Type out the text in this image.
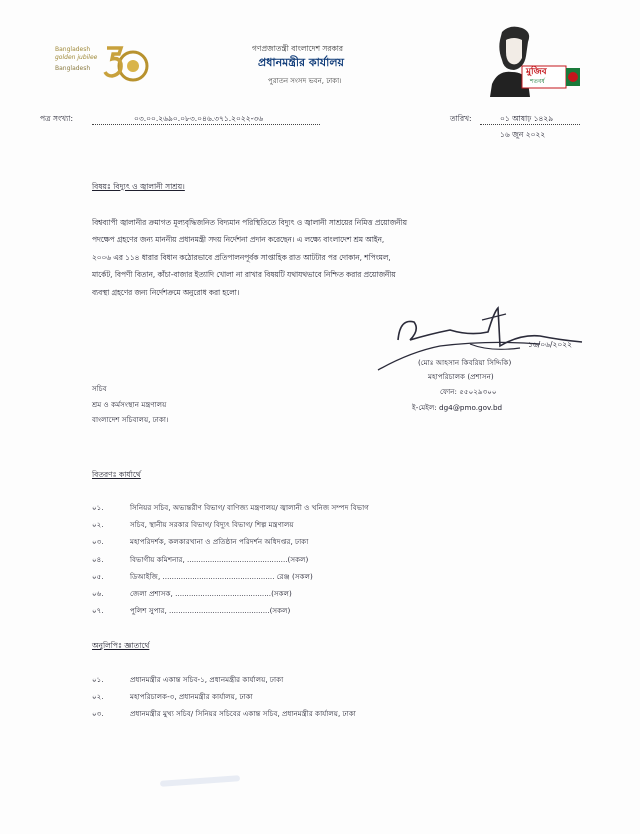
Bangladesh
golden jubilee
Bangladesh
গণপ্রজাতন্ত্রী বাংলাদেশ সরকার
প্রধানমন্ত্রীর কার্যালয়
পুরাতন সংসদ ভবন, ঢাকা।
মুজিব
শতবর্ষ
পত্র সংখ্যা:	০৩.০০.২৬৯০.০৮৩.০৪৬.৩৭১.২০২২-৩৬	তারিখ:	০১ আষাঢ় ১৪২৯
১৬ জুন ২০২২
বিষয়ঃ বিদ্যুৎ ও জ্বালানী সাশ্রয়।
বিশ্বব্যাপী জ্বালানীর ক্রমাগত মূল্যবৃদ্ধিজনিত বিদ্যমান পরিস্থিতিতে বিদ্যুৎ ও জ্বালানী সাশ্রয়ের নিমিত্ত প্রয়োজনীয়
পদক্ষেপ গ্রহণের জন্য মাননীয় প্রধানমন্ত্রী সদয় নির্দেশনা প্রদান করেছেন। এ লক্ষ্যে বাংলাদেশ শ্রম আইন,
২০০৬ এর ১১৪ ধারার বিধান কঠোরভাবে প্রতিপালনপূর্বক সাপ্তাহিক রাত আটটার পর দোকান, শপিংমল,
মার্কেট, বিপণী বিতান, কাঁচা-বাজার ইত্যাদি খোলা না রাখার বিষয়টি যথাযথভাবে নিশ্চিত করার প্রয়োজনীয়
ব্যবস্থা গ্রহণের জন্য নির্দেশক্রমে অনুরোধ করা হলো।
১৬/০৬/২০২২
(মোঃ আহসান কিবরিয়া সিদ্দিকি)
মহাপরিচালক (প্রশাসন)
ফোন: ৫৫০২৯৩০০
ই-মেইল: dg4@pmo.gov.bd
সচিব
শ্রম ও কর্মসংস্থান মন্ত্রণালয়
বাংলাদেশ সচিবালয়, ঢাকা।
বিতরণঃ কার্যার্থে
০১.	সিনিয়র সচিব, অভ্যন্তরীণ বিভাগ/ বাণিজ্য মন্ত্রণালয়/ জ্বালানী ও খনিজ সম্পদ বিভাগ
০২.	সচিব, স্থানীয় সরকার বিভাগ/ বিদ্যুৎ বিভাগ/ শিল্প মন্ত্রণালয়
০৩.	মহাপরিদর্শক, কলকারখানা ও প্রতিষ্ঠান পরিদর্শন অধিদপ্তর, ঢাকা
০৪.	বিভাগীয় কমিশনার, ............................................(সকল)
০৫.	ডিআইজি, ................................................. রেঞ্জ (সকল)
০৬.	জেলা প্রশাসক, ..........................................(সকল)
০৭.	পুলিশ সুপার, ............................................(সকল)
অনুলিপিঃ জ্ঞাতার্থে
০১.	প্রধানমন্ত্রীর একান্ত সচিব-১, প্রধানমন্ত্রীর কার্যালয়, ঢাকা
০২.	মহাপরিচালক-৩, প্রধানমন্ত্রীর কার্যালয়, ঢাকা
০৩.	প্রধানমন্ত্রীর মুখ্য সচিব/ সিনিয়র সচিবের একান্ত সচিব, প্রধানমন্ত্রীর কার্যালয়, ঢাকা
